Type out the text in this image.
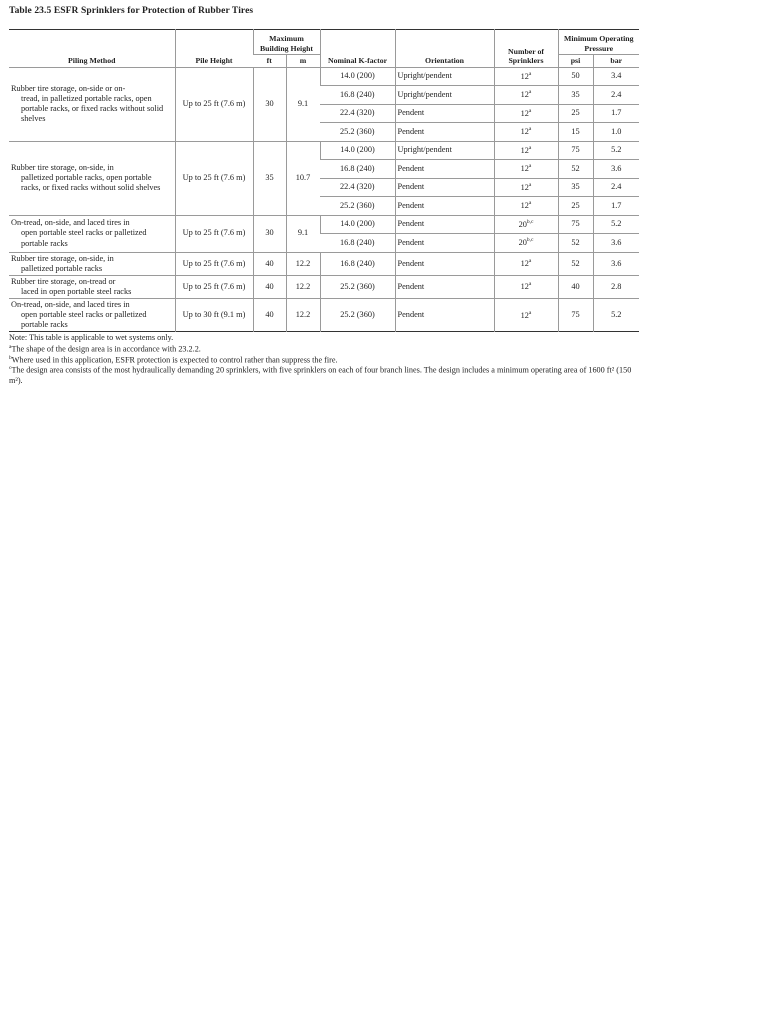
Table 23.5 ESFR Sprinklers for Protection of Rubber Tires
Piling Method	Pile Height	Maximum Building Height		Nominal K-factor	Orientation	Number of Sprinklers	Minimum Operating Pressure	
		ft	m				psi	bar

Rubber tire storage, on-side or on-
tread, in palletized portable racks, open portable racks, or fixed racks without solid shelves	Up to 25 ft (7.6 m)	30	9.1	14.0 (200)	Upright/pendent	12$^a$	50	3.4
				16.8 (240)	Upright/pendent	12$^a$	35	2.4
				22.4 (320)	Pendent	12$^a$	25	1.7
				25.2 (360)	Pendent	12$^a$	15	1.0
Rubber tire storage, on-side, in
palletized portable racks, open portable racks, or fixed racks without solid shelves	Up to 25 ft (7.6 m)	35	10.7	14.0 (200)	Upright/pendent	12$^a$	75	5.2
				16.8 (240)	Pendent	12$^a$	52	3.6
				22.4 (320)	Pendent	12$^a$	35	2.4
				25.2 (360)	Pendent	12$^a$	25	1.7
On-tread, on-side, and laced tires in
open portable steel racks or palletized portable racks	Up to 25 ft (7.6 m)	30	9.1	14.0 (200)	Pendent	20$^{b,c}$	75	5.2
				16.8 (240)	Pendent	20$^{b,c}$	52	3.6
Rubber tire storage, on-side, in
palletized portable racks	Up to 25 ft (7.6 m)	40	12.2	16.8 (240)	Pendent	12$^a$	52	3.6
Rubber tire storage, on-tread or
laced in open portable steel racks	Up to 25 ft (7.6 m)	40	12.2	25.2 (360)	Pendent	12$^a$	40	2.8
On-tread, on-side, and laced tires in
open portable steel racks or palletized portable racks	Up to 30 ft (9.1 m)	40	12.2	25.2 (360)	Pendent	12$^a$	75	5.2

Note: This table is applicable to wet systems only.

$^a$The shape of the design area is in accordance with 23.2.2.

$^b$Where used in this application, ESFR protection is expected to control rather than suppress the fire.

$^c$The design area consists of the most hydraulically demanding 20 sprinklers, with five sprinklers on each of four branch lines. The design includes a minimum operating area of 1600 ft² (150 m²).
